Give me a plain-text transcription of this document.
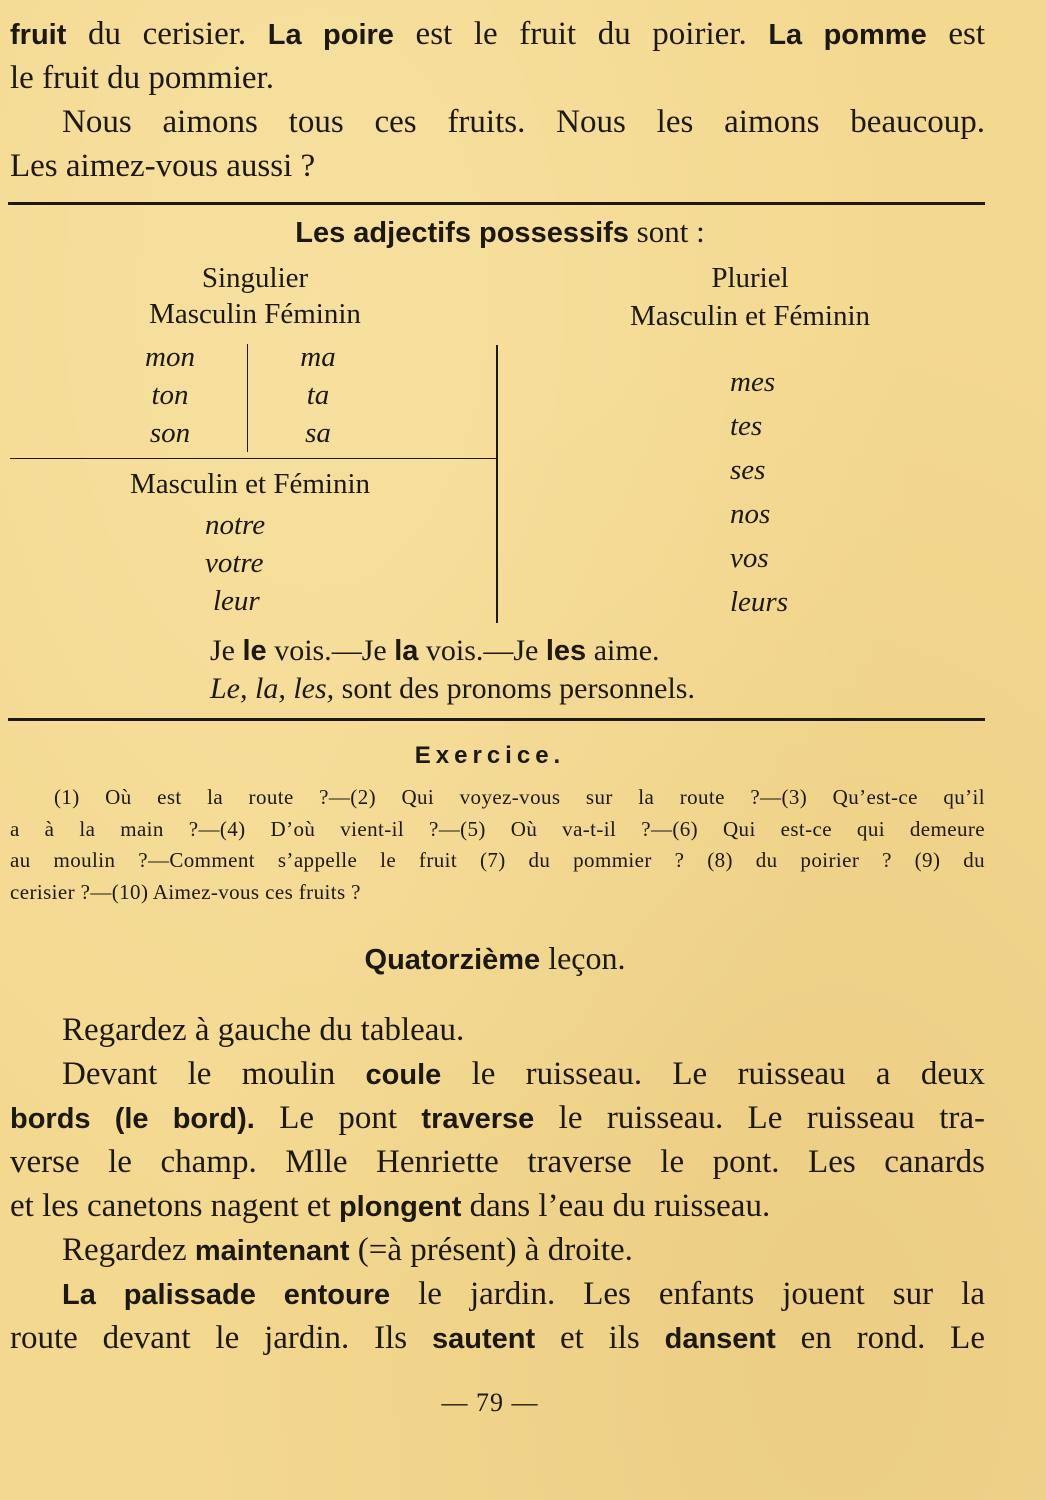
fruit du cerisier. La poire est le fruit du poirier. La pomme est
le fruit du pommier.
Nous aimons tous ces fruits. Nous les aimons beaucoup.
Les aimez-vous aussi ?
Les adjectifs possessifs sont :
Singulier
Masculin Féminin
Pluriel
Masculin et Féminin
mon
ton
son
ma
ta
sa
Masculin et Féminin
notre
votre
leur
mes
tes
ses
nos
vos
leurs
Je le vois.—Je la vois.—Je les aime.
Le, la, les, sont des pronoms personnels.
Exercice.
(1) Où est la route ?—(2) Qui voyez-vous sur la route ?—(3) Qu’est-ce qu’il
a à la main ?—(4) D’où vient-il ?—(5) Où va-t-il ?—(6) Qui est-ce qui demeure
au moulin ?—Comment s’appelle le fruit (7) du pommier ? (8) du poirier ? (9) du
cerisier ?—(10) Aimez-vous ces fruits ?
Quatorzième leçon.
Regardez à gauche du tableau.
Devant le moulin coule le ruisseau. Le ruisseau a deux
bords (le bord). Le pont traverse le ruisseau. Le ruisseau tra-
verse le champ. Mlle Henriette traverse le pont. Les canards
et les canetons nagent et plongent dans l’eau du ruisseau.
Regardez maintenant (=à présent) à droite.
La palissade entoure le jardin. Les enfants jouent sur la
route devant le jardin. Ils sautent et ils dansent en rond. Le
— 79 —
